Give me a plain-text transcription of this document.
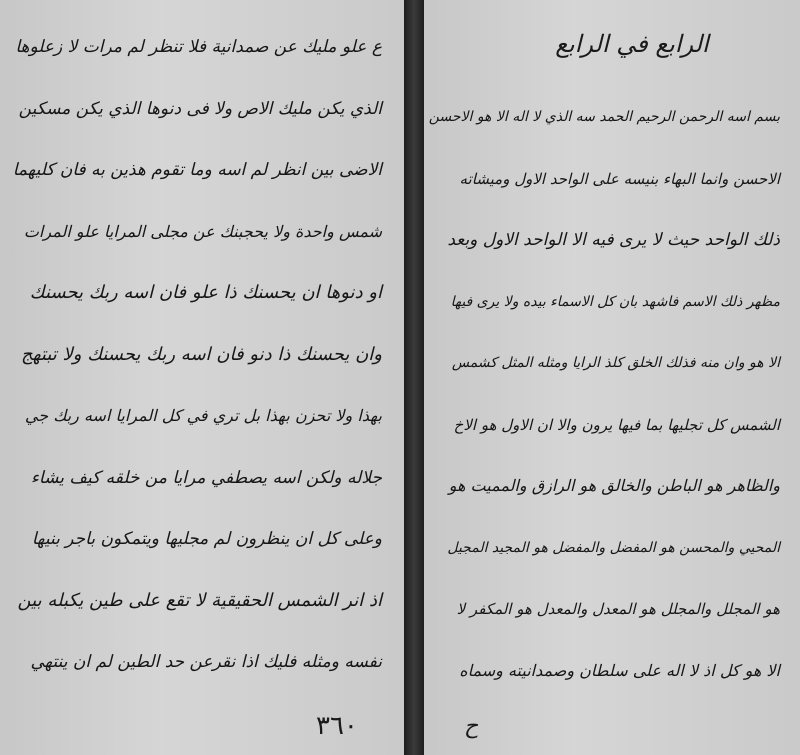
ع علو مليك عن صمدانية فلا تنظر لم مرات لا زعلوها
الذي يكن مليك الاص ولا فى دنوها الذي يكن مسكين
الاضى بين انظر لم اسه وما تقوم هذين به فان كليهما
شمس واحدة ولا يحجبنك عن مجلى المرايا علو المرات
او دنوها ان يحسنك ذا علو فان اسه ربك يحسنك
وان يحسنك ذا دنو فان اسه ربك يحسنك ولا تبتهج
بهذا ولا تحزن بهذا بل تري في كل المرايا اسه ربك جي
جلاله ولكن اسه يصطفي مرايا من خلقه كيف يشاء
وعلى كل ان ينظرون لم مجليها ويتمكون باجر بنيها
اذ انر الشمس الحقيقية لا تقع على طين يكبله بين
نفسه ومثله فليك اذا نقرعن حد الطين لم ان ينتهي
٣٦٠
الرابع في الرابع
بسم اسه الرحمن الرحيم الحمد سه الذي لا اله الا هو الاحسن
الاحسن وانما البهاء بنيسه على الواحد الاول وميشاته
ذلك الواحد حيث لا يرى فيه الا الواحد الاول وبعد
مظهر ذلك الاسم فاشهد بان كل الاسماء بيده ولا يرى فيها
الا هو وان منه فذلك الخلق كلذ الرايا ومثله المثل كشمس
الشمس كل تجليها بما فيها يرون والا ان الاول هو الاخ
والظاهر هو الباطن والخالق هو الرازق والمميت هو
المحيي والمحسن هو المفضل والمفضل هو المجيد المجيل
هو المجلل والمجلل هو المعدل والمعدل هو المكفر لا
الا هو كل اذ لا اله على سلطان وصمدانيته وسماه
ح
